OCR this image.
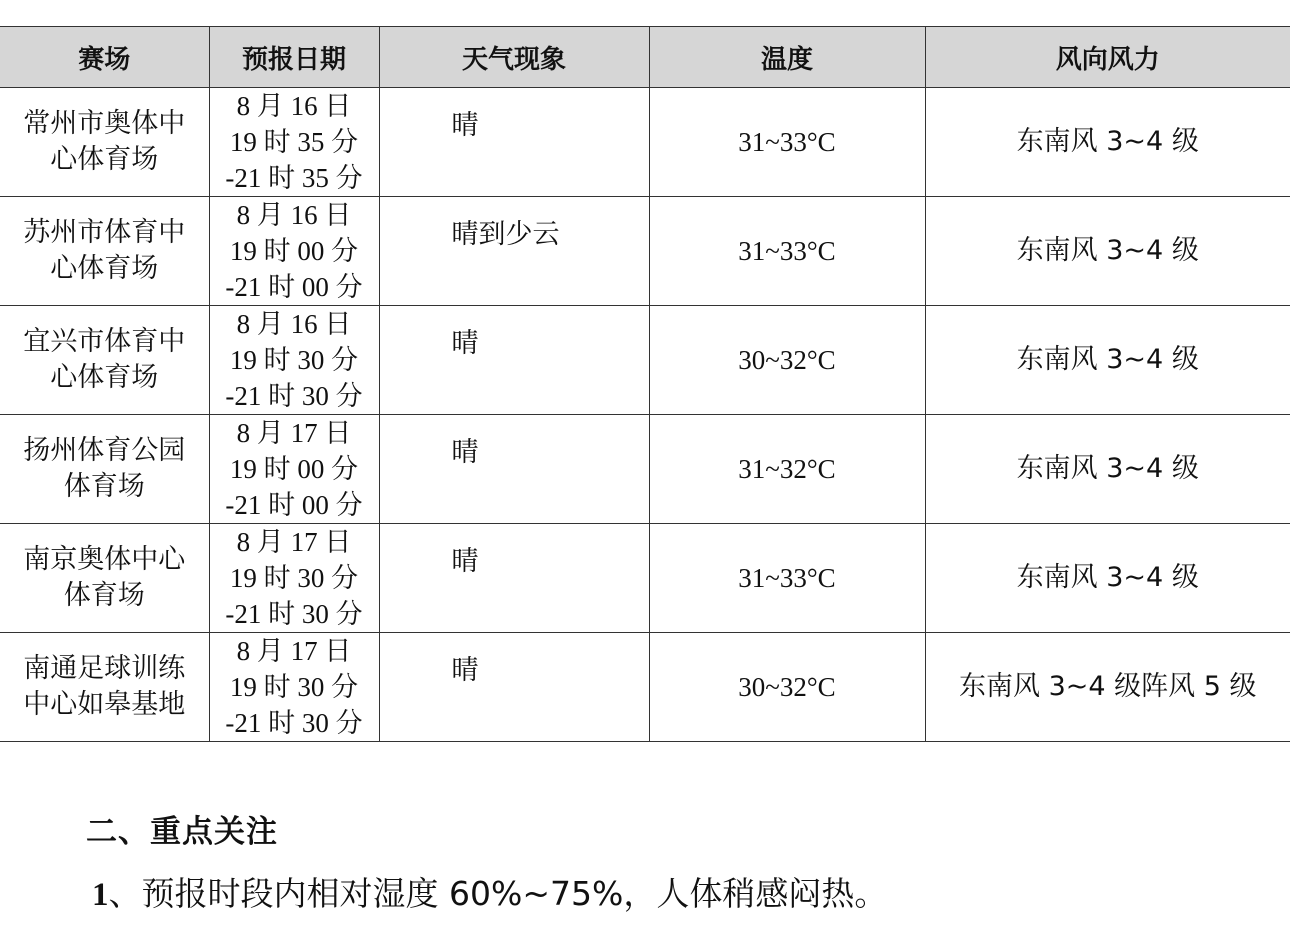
赛场	预报日期	天气现象	温度	风向风力

常州市奥体中心体育场	8 月 16 日
19 时 35 分
-21 时 35 分	晴	31~33°C	东南风 3~4 级

苏州市体育中心体育场	8 月 16 日
19 时 00 分
-21 时 00 分	晴到少云	31~33°C	东南风 3~4 级

宜兴市体育中心体育场	8 月 16 日
19 时 30 分
-21 时 30 分	晴	30~32°C	东南风 3~4 级

扬州体育公园体育场	8 月 17 日
19 时 00 分
-21 时 00 分	晴	31~32°C	东南风 3~4 级

南京奥体中心体育场	8 月 17 日
19 时 30 分
-21 时 30 分	晴	31~33°C	东南风 3~4 级

南通足球训练中心如皋基地	8 月 17 日
19 时 30 分
-21 时 30 分	晴	30~32°C	东南风 3~4 级阵风 5 级
二、重点关注

1、预报时段内相对湿度 60%~75%，人体稍感闷热。
